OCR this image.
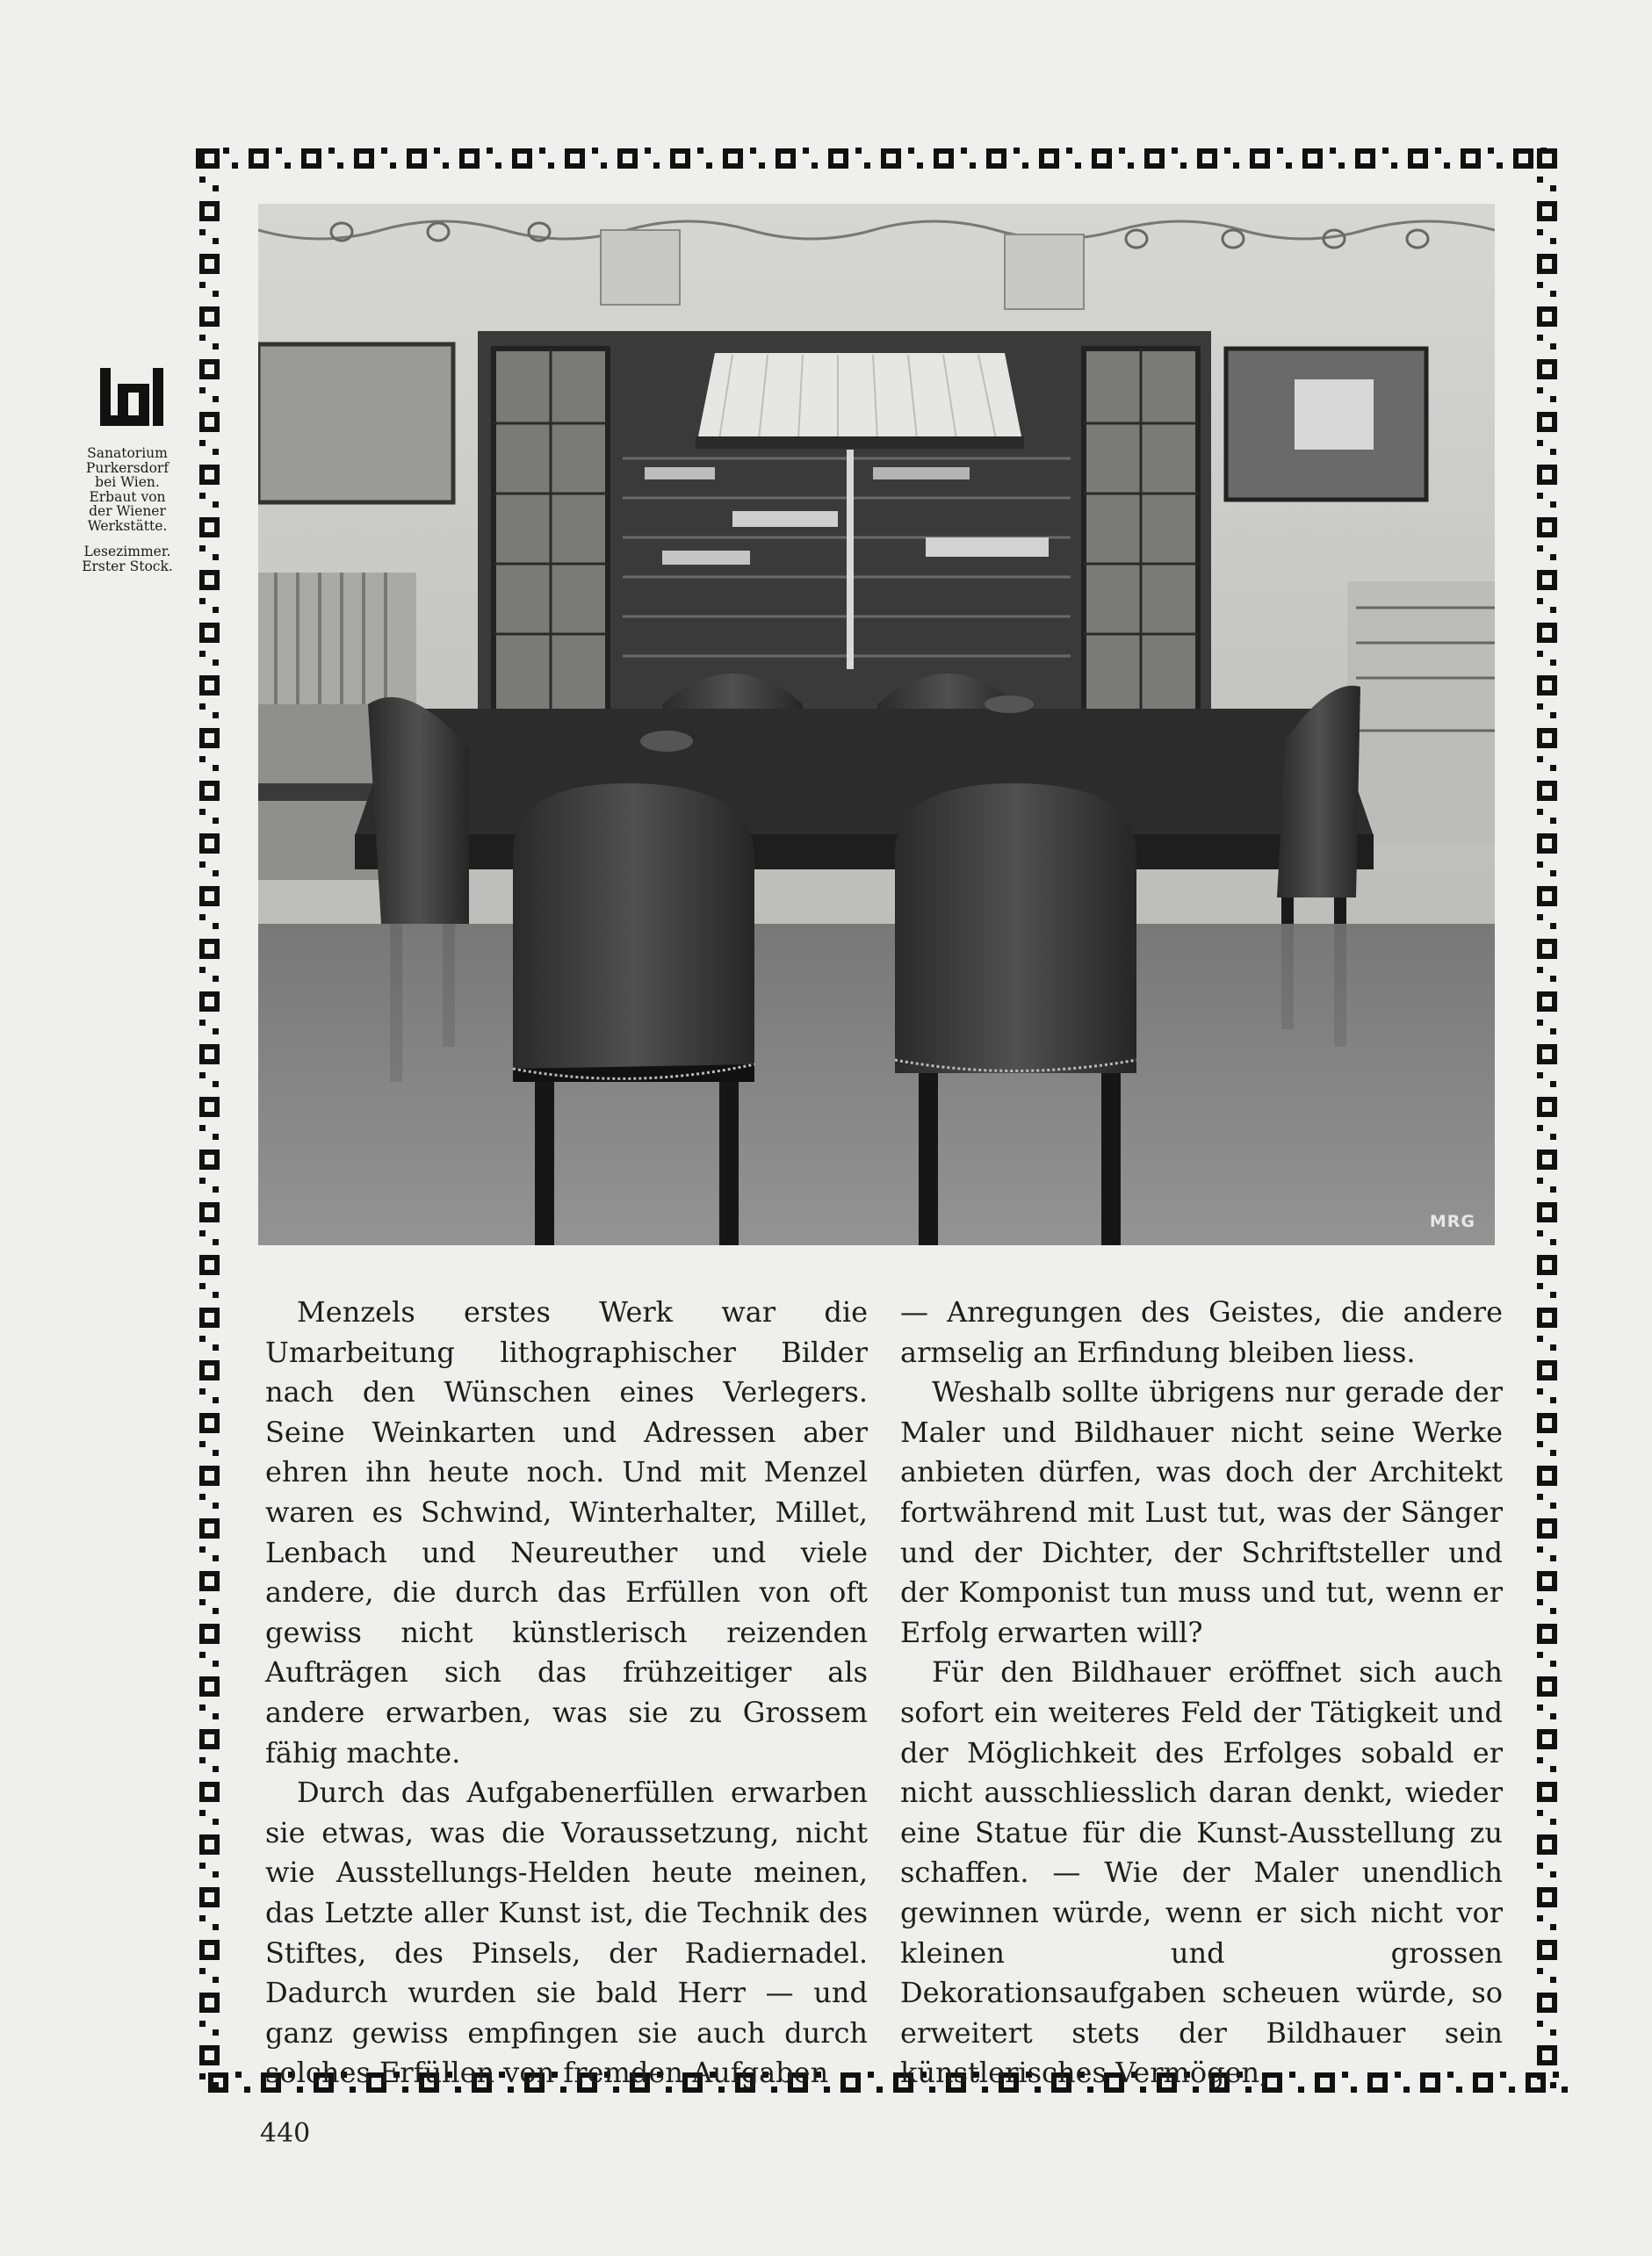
Sanatorium
Purkersdorf
bei Wien.
Erbaut von
der Wiener
Werkstätte.
Lesezimmer.
Erster Stock.
MRG

Menzels erstes Werk war die Umarbeitung lithographischer Bilder nach den Wünschen eines Verlegers. Seine Weinkarten und Adressen aber ehren ihn heute noch. Und mit Menzel waren es Schwind, Winterhalter, Millet, Lenbach und Neureuther und viele andere, die durch das Erfüllen von oft gewiss nicht künstlerisch reizenden Aufträgen sich das frühzeitiger als andere erwarben, was sie zu Grossem fähig machte.

Durch das Aufgabenerfüllen erwarben sie etwas, was die Voraussetzung, nicht wie Ausstellungs-Helden heute meinen, das Letzte aller Kunst ist, die Technik des Stiftes, des Pinsels, der Radiernadel. Dadurch wurden sie bald Herr — und ganz gewiss empfingen sie auch durch solches Erfüllen von fremden Aufgaben

— Anregungen des Geistes, die andere armselig an Erfindung bleiben liess.

Weshalb sollte übrigens nur gerade der Maler und Bildhauer nicht seine Werke anbieten dürfen, was doch der Architekt fortwährend mit Lust tut, was der Sänger und der Dichter, der Schriftsteller und der Komponist tun muss und tut, wenn er Erfolg erwarten will?

Für den Bildhauer eröffnet sich auch sofort ein weiteres Feld der Tätigkeit und der Möglichkeit des Erfolges sobald er nicht ausschliesslich daran denkt, wieder eine Statue für die Kunst-Ausstellung zu schaffen. — Wie der Maler unendlich gewinnen würde, wenn er sich nicht vor kleinen und grossen Dekorationsaufgaben scheuen würde, so erweitert stets der Bildhauer sein künstlerisches Vermögen,

440
